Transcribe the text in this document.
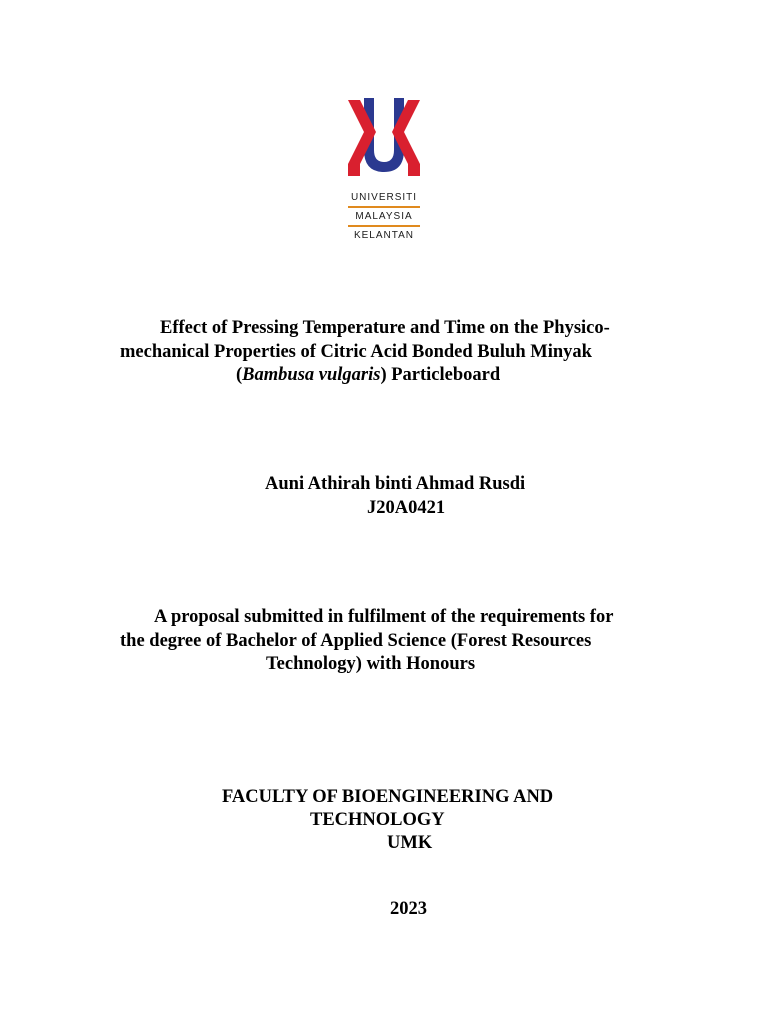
UNIVERSITI
MALAYSIA
KELANTAN
Effect of Pressing Temperature and Time on the Physico-
mechanical Properties of Citric Acid Bonded Buluh Minyak
(Bambusa vulgaris) Particleboard
Auni Athirah binti Ahmad Rusdi
J20A0421
A proposal submitted in fulfilment of the requirements for
the degree of Bachelor of Applied Science (Forest Resources
Technology) with Honours
FACULTY OF BIOENGINEERING AND
TECHNOLOGY
UMK
2023
